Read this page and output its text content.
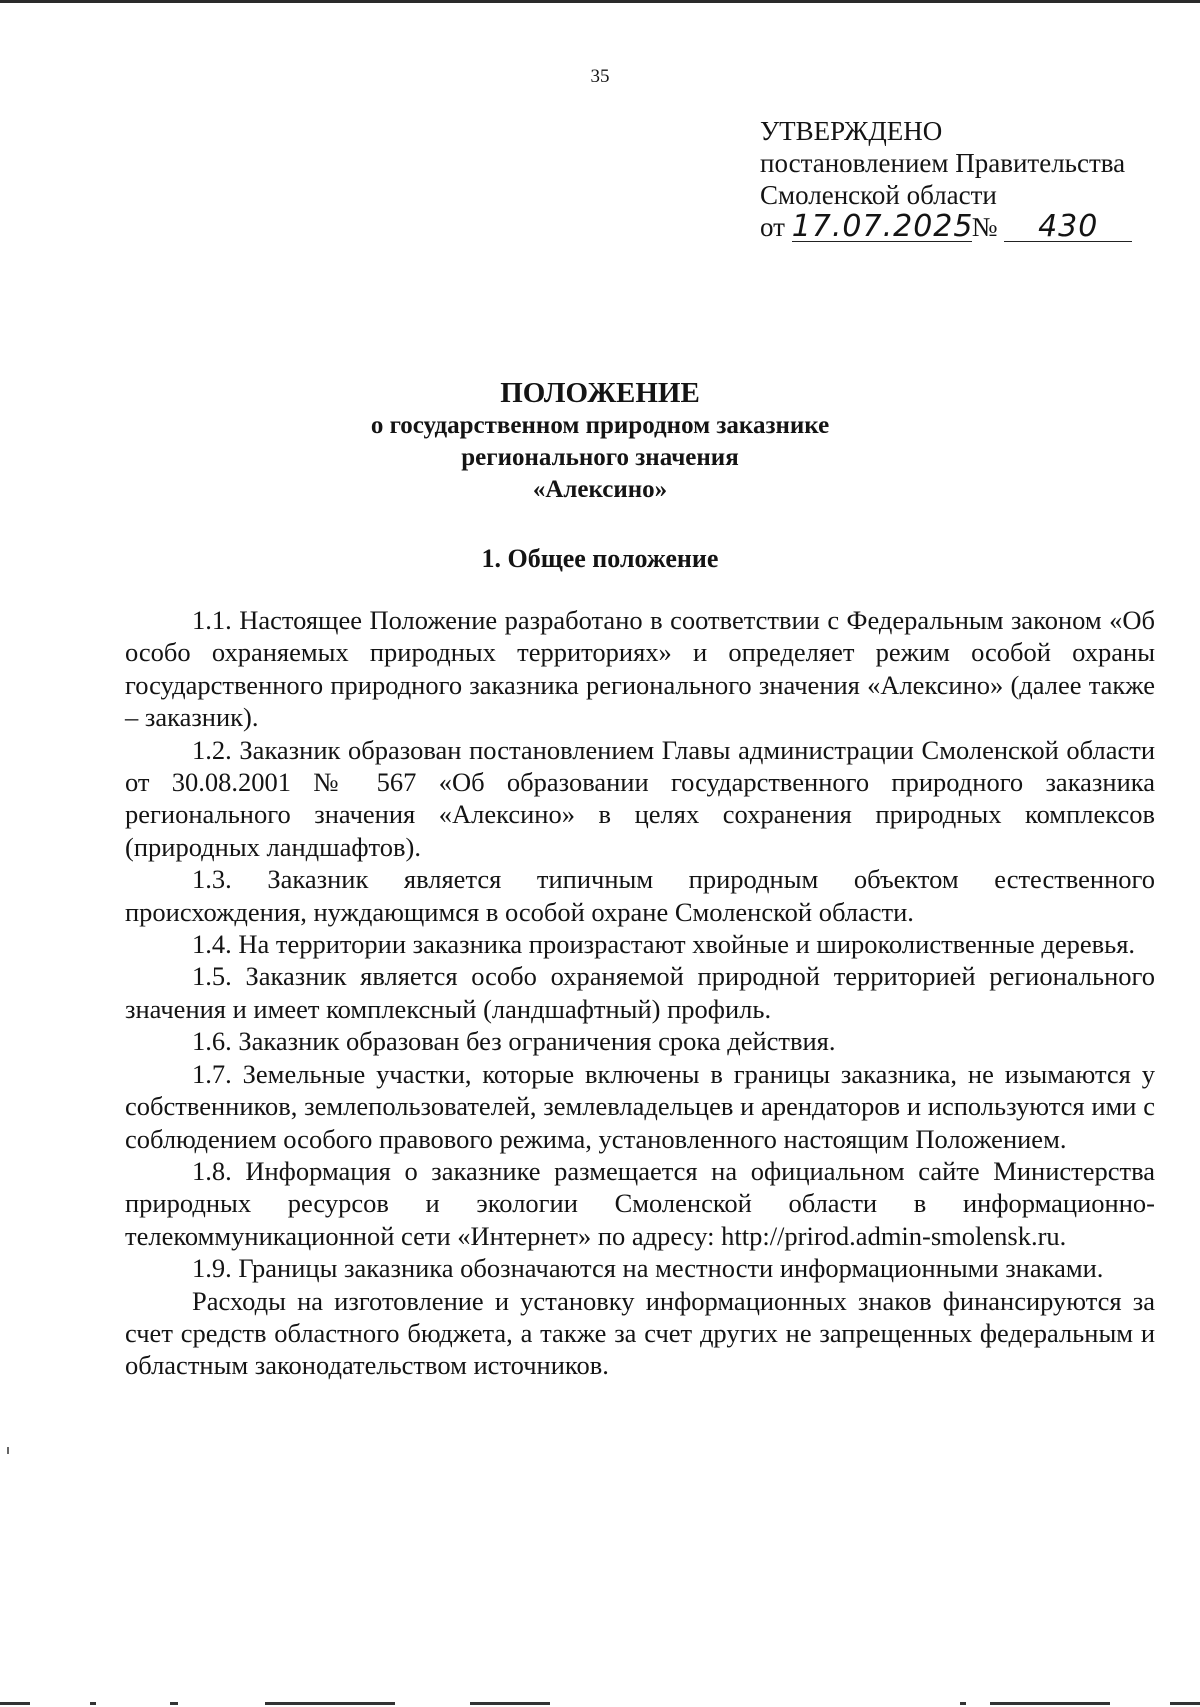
35
УТВЕРЖДЕНО
постановлением Правительства
Смоленской области
от 17.07.2025№ 430
ПОЛОЖЕНИЕ
о государственном природном заказнике
регионального значения
«Алексино»
1. Общее положение

1.1. Настоящее Положение разработано в соответствии с Федеральным законом «Об особо охраняемых природных территориях» и определяет режим особой охраны государственного природного заказника регионального значения «Алексино» (далее также – заказник).

1.2. Заказник образован постановлением Главы администрации Смоленской области от 30.08.2001 № 567 «Об образовании государственного природного заказника регионального значения «Алексино» в целях сохранения природных комплексов (природных ландшафтов).

1.3. Заказник является типичным природным объектом естественного происхождения, нуждающимся в особой охране Смоленской области.

1.4. На территории заказника произрастают хвойные и широколиственные деревья.

1.5. Заказник является особо охраняемой природной территорией регионального значения и имеет комплексный (ландшафтный) профиль.

1.6. Заказник образован без ограничения срока действия.

1.7. Земельные участки, которые включены в границы заказника, не изымаются у собственников, землепользователей, землевладельцев и арендаторов и используются ими с соблюдением особого правового режима, установленного настоящим Положением.

1.8. Информация о заказнике размещается на официальном сайте Министерства природных ресурсов и экологии Смоленской области в информационно-телекоммуникационной сети «Интернет» по адресу: http://prirod.admin-smolensk.ru.

1.9. Границы заказника обозначаются на местности информационными знаками.

Расходы на изготовление и установку информационных знаков финансируются за счет средств областного бюджета, а также за счет других не запрещенных федеральным и областным законодательством источников.
